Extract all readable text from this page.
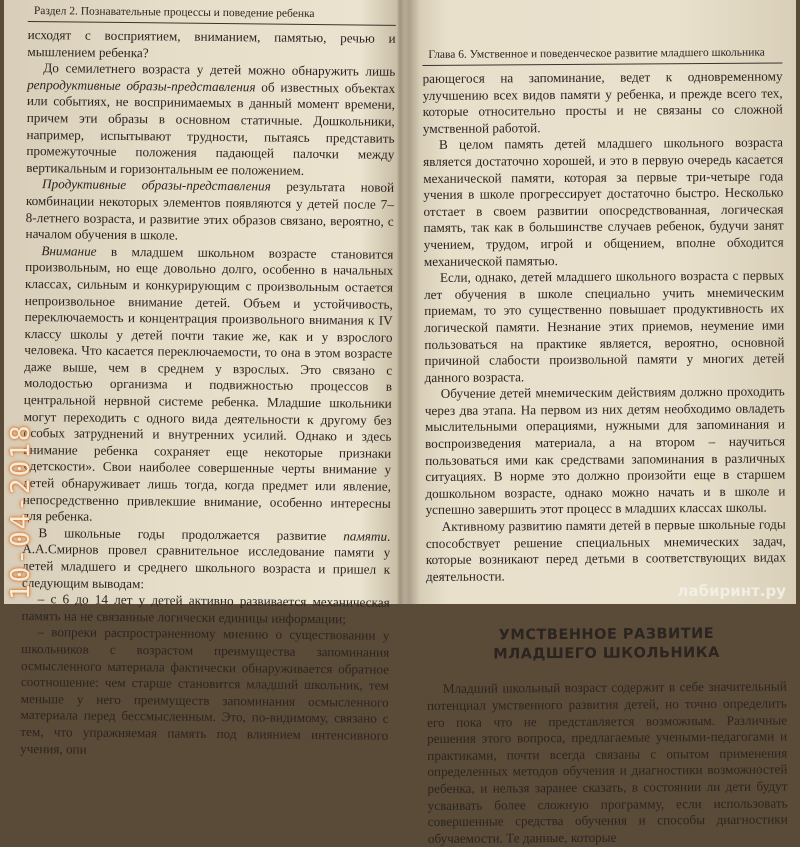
Раздел 2. Познавательные процессы и поведение ребенка

исходят с восприятием, вниманием, памятью, речью и мышлением ребенка?

До семилетнего возраста у детей можно обнаружить лишь репродуктивные образы-представления об известных объектах или событиях, не воспринимаемых в данный момент времени, причем эти образы в основном статичные. Дошкольники, например, испытывают трудности, пытаясь представить промежуточные положения падающей палочки между вертикальным и горизонтальным ее положением.

Продуктивные образы-представления результата новой комбинации некоторых элементов появляются у детей после 7–8-летнего возраста, и развитие этих образов связано, вероятно, с началом обучения в школе.

Внимание в младшем школьном возрасте становится произвольным, но еще довольно долго, особенно в начальных классах, сильным и конкурирующим с произвольным остается непроизвольное внимание детей. Объем и устойчивость, переключаемость и концентрация произвольного внимания к IV классу школы у детей почти такие же, как и у взрослого человека. Что касается переключаемости, то она в этом возрасте даже выше, чем в среднем у взрослых. Это связано с молодостью организма и подвижностью процессов в центральной нервной системе ребенка. Младшие школьники могут переходить с одного вида деятельности к другому без особых затруднений и внутренних усилий. Однако и здесь внимание ребенка сохраняет еще некоторые признаки «детскости». Свои наиболее совершенные черты внимание у детей обнаруживает лишь тогда, когда предмет или явление, непосредственно привлекшие внимание, особенно интересны для ребенка.

В школьные годы продолжается развитие памяти. А.А.Смирнов провел сравнительное исследование памяти у детей младшего и среднего школьного возраста и пришел к следующим выводам:

– с 6 до 14 лет у детей активно развивается механическая память на не связанные логически единицы информации;

– вопреки распространенному мнению о существовании у школьников с возрастом преимущества запоминания осмысленного материала фактически обнаруживается обратное соотношение: чем старше становится младший школьник, тем меньше у него преимуществ запоминания осмысленного материала перед бессмысленным. Это, по-видимому, связано с тем, что упражняемая память под влиянием интенсивного учения, опи

Глава 6. Умственное и поведенческое развитие младшего школьника

рающегося на запоминание, ведет к одновременному улучшению всех видов памяти у ребенка, и прежде всего тех, которые относительно просты и не связаны со сложной умственной работой.

В целом память детей младшего школьного возраста является достаточно хорошей, и это в первую очередь касается механической памяти, которая за первые три-четыре года учения в школе прогрессирует достаточно быстро. Несколько отстает в своем развитии опосредствованная, логическая память, так как в большинстве случаев ребенок, будучи занят учением, трудом, игрой и общением, вполне обходится механической памятью.

Если, однако, детей младшего школьного возраста с первых лет обучения в школе специально учить мнемическим приемам, то это существенно повышает продуктивность их логической памяти. Незнание этих приемов, неумение ими пользоваться на практике является, вероятно, основной причиной слабости произвольной памяти у многих детей данного возраста.

Обучение детей мнемическим действиям должно проходить через два этапа. На первом из них детям необходимо овладеть мыслительными операциями, нужными для запоминания и воспроизведения материала, а на втором – научиться пользоваться ими как средствами запоминания в различных ситуациях. В норме это должно произойти еще в старшем дошкольном возрасте, однако можно начать и в школе и успешно завершить этот процесс в младших классах школы.

Активному развитию памяти детей в первые школьные годы способствует решение специальных мнемических задач, которые возникают перед детьми в соответствующих видах деятельности.

УМСТВЕННОЕ РАЗВИТИЕ
МЛАДШЕГО ШКОЛЬНИКА

Младший школьный возраст содержит в себе значительный потенциал умственного развития детей, но точно определить его пока что не представляется возможным. Различные решения этого вопроса, предлагаемые учеными-педагогами и практиками, почти всегда связаны с опытом применения определенных методов обучения и диагностики возможностей ребенка, и нельзя заранее сказать, в состоянии ли дети будут усваивать более сложную программу, если использовать совершенные средства обучения и способы диагностики обучаемости. Те данные, которые

10-04-2018	лабиринт.ру
